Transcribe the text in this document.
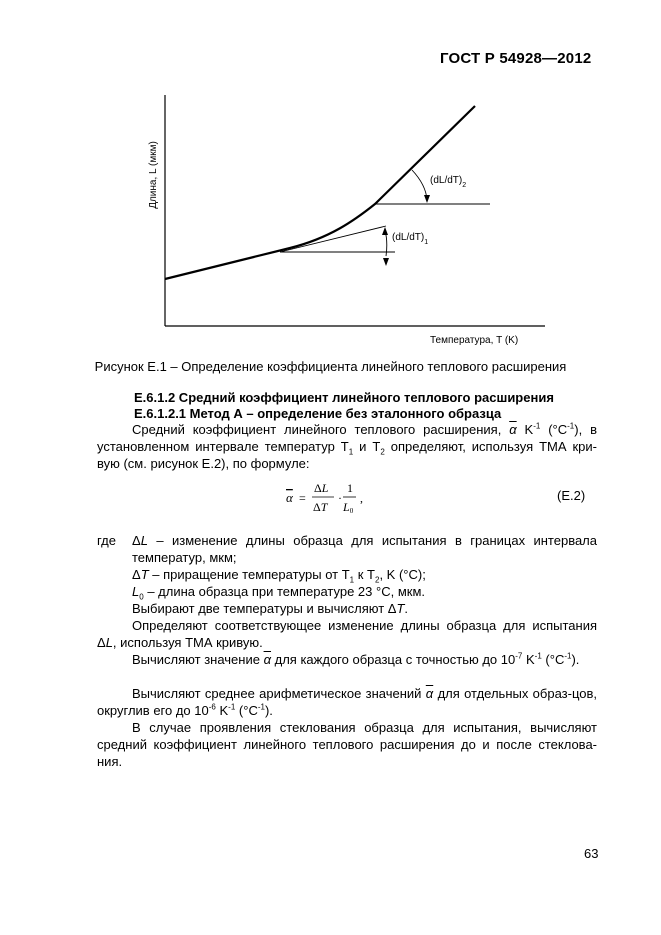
ГОСТ Р 54928—2012
Длина, L (мкм)
Температура, T (K)
$(dL/dT)_2$
$(dL/dT)_1$
Рисунок Е.1 – Определение коэффициента линейного теплового расширения
Е.6.1.2 Средний коэффициент линейного теплового расширения
Е.6.1.2.1 Метод А – определение без эталонного образца
Средний коэффициент линейного теплового расширения, $\overline{\alpha}$ $K^{-1}$ $(^\circ C^{-1})$, в установленном интервале температур $T_1$ и $T_2$ определяют, используя ТМА кри-вую (см. рисунок Е.2), по формуле:
α =
ΔL
ΔT
·
1
L0
,	(Е.2)
где ΔL – изменение длины образца для испытания в границах интервала температур, мкм;
ΔT – приращение температуры от $T_1$ к $T_2$, K (°C);
$L_0$ – длина образца при температуре 23 °C, мкм.
Выбирают две температуры и вычисляют ΔT.
Определяют соответствующее изменение длины образца для испытания ΔL, используя ТМА кривую.
Вычисляют значение $\overline{\alpha}$ для каждого образца с точностью до $10^{-7}$ $K^{-1}$ $(^\circ C^{-1})$.
Вычисляют среднее арифметическое значений $\overline{\alpha}$ для отдельных образ-цов, округлив его до $10^{-6}$ $K^{-1}$ $(^\circ C^{-1})$.
В случае проявления стеклования образца для испытания, вычисляют средний коэффициент линейного теплового расширения до и после стеклова-ния.
63
